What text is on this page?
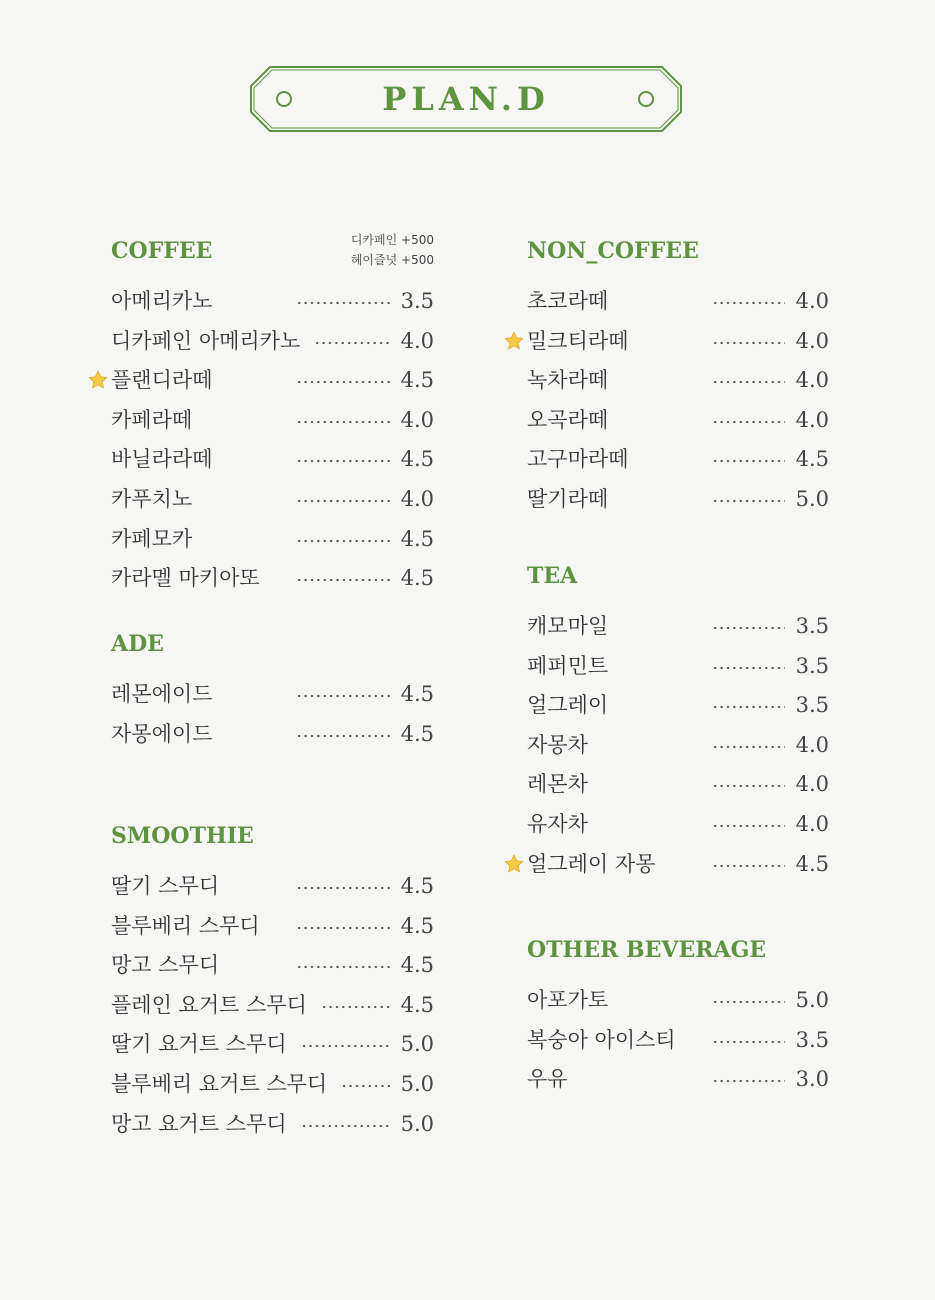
PLAN.D
COFFEE	디카페인 +500
헤이즐넛 +500
아메리카노	3.5
디카페인 아메리카노	4.0
플랜디라떼	4.5
카페라떼	4.0
바닐라라떼	4.5
카푸치노	4.0
카페모카	4.5
카라멜 마키아또	4.5
ADE
레몬에이드	4.5
자몽에이드	4.5
SMOOTHIE
딸기 스무디	4.5
블루베리 스무디	4.5
망고 스무디	4.5
플레인 요거트 스무디	4.5
딸기 요거트 스무디	5.0
블루베리 요거트 스무디	5.0
망고 요거트 스무디	5.0
NON_COFFEE
초코라떼	4.0
밀크티라떼	4.0
녹차라떼	4.0
오곡라떼	4.0
고구마라떼	4.5
딸기라떼	5.0
TEA
캐모마일	3.5
페퍼민트	3.5
얼그레이	3.5
자몽차	4.0
레몬차	4.0
유자차	4.0
얼그레이 자몽	4.5
OTHER BEVERAGE
아포가토	5.0
복숭아 아이스티	3.5
우유	3.0
